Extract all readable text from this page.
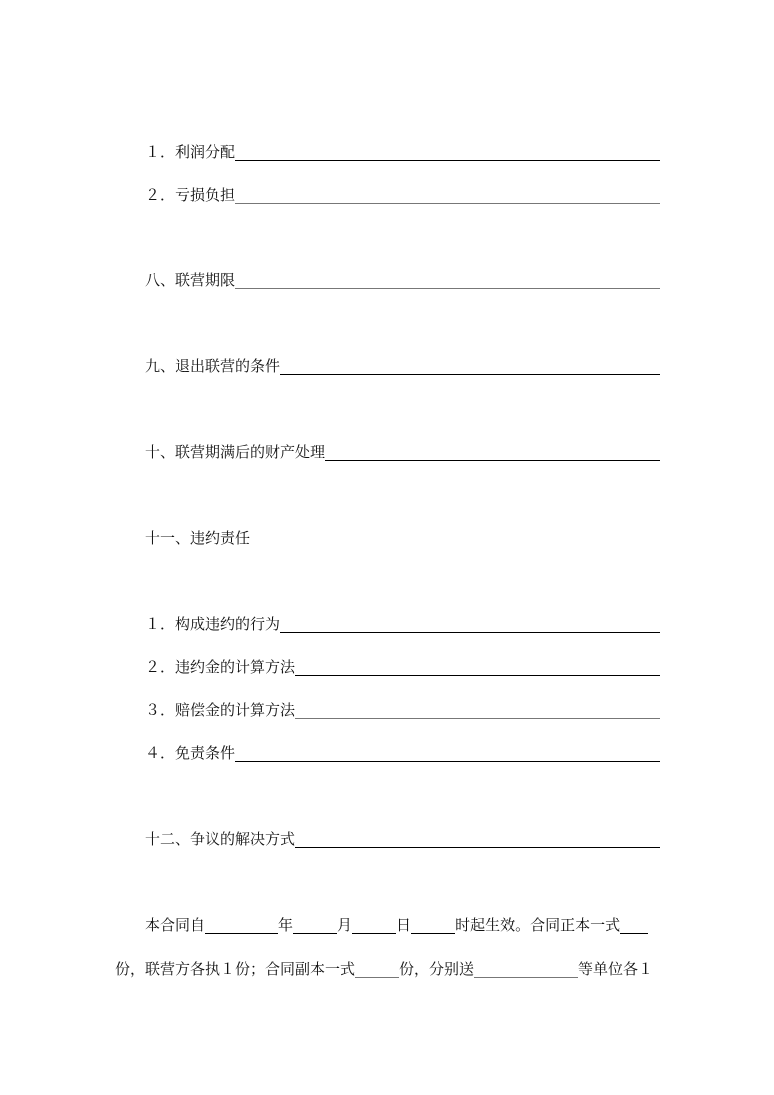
１．利润分配
２．亏损负担
八、联营期限
九、退出联营的条件
十、联营期满后的财产处理
十一、违约责任
１．构成违约的行为
２．违约金的计算方法
３．赔偿金的计算方法
４．免责条件
十二、争议的解决方式
本合同自	年	月	日	时起生效。合同正本一式
份，联营方各执１份；合同副本一式	份，分别送	等单位各１
